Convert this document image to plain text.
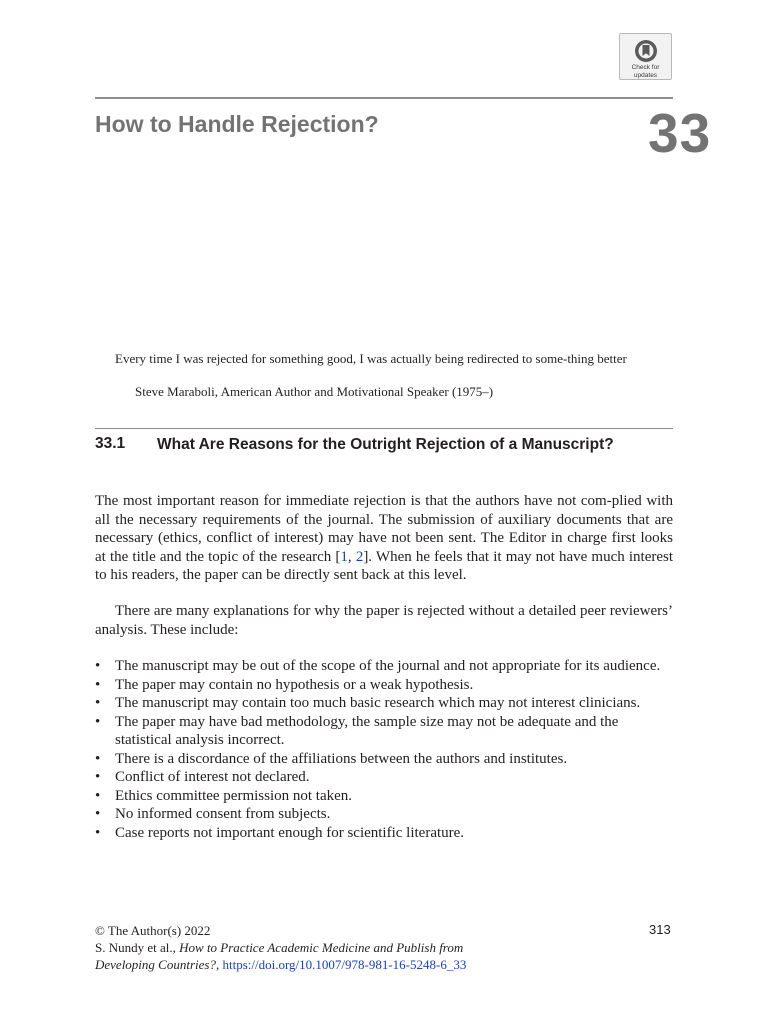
Check for
updates
How to Handle Rejection?	33
Every time I was rejected for something good, I was actually being redirected to some-thing better
Steve Maraboli, American Author and Motivational Speaker (1975–)
33.1 What Are Reasons for the Outright Rejection of a Manuscript?
The most important reason for immediate rejection is that the authors have not com-plied with all the necessary requirements of the journal. The submission of auxiliary documents that are necessary (ethics, conflict of interest) may have not been sent. The Editor in charge first looks at the title and the topic of the research [1, 2]. When he feels that it may not have much interest to his readers, the paper can be directly sent back at this level.
There are many explanations for why the paper is rejected without a detailed peer reviewers’ analysis. These include:
• The manuscript may be out of the scope of the journal and not appropriate for its audience.
• The paper may contain no hypothesis or a weak hypothesis.
• The manuscript may contain too much basic research which may not interest clinicians.
• The paper may have bad methodology, the sample size may not be adequate and the statistical analysis incorrect.
• There is a discordance of the affiliations between the authors and institutes.
• Conflict of interest not declared.
• Ethics committee permission not taken.
• No informed consent from subjects.
• Case reports not important enough for scientific literature.
© The Author(s) 2022
S. Nundy et al., How to Practice Academic Medicine and Publish from
Developing Countries?, https://doi.org/10.1007/978-981-16-5248-6_33
313
